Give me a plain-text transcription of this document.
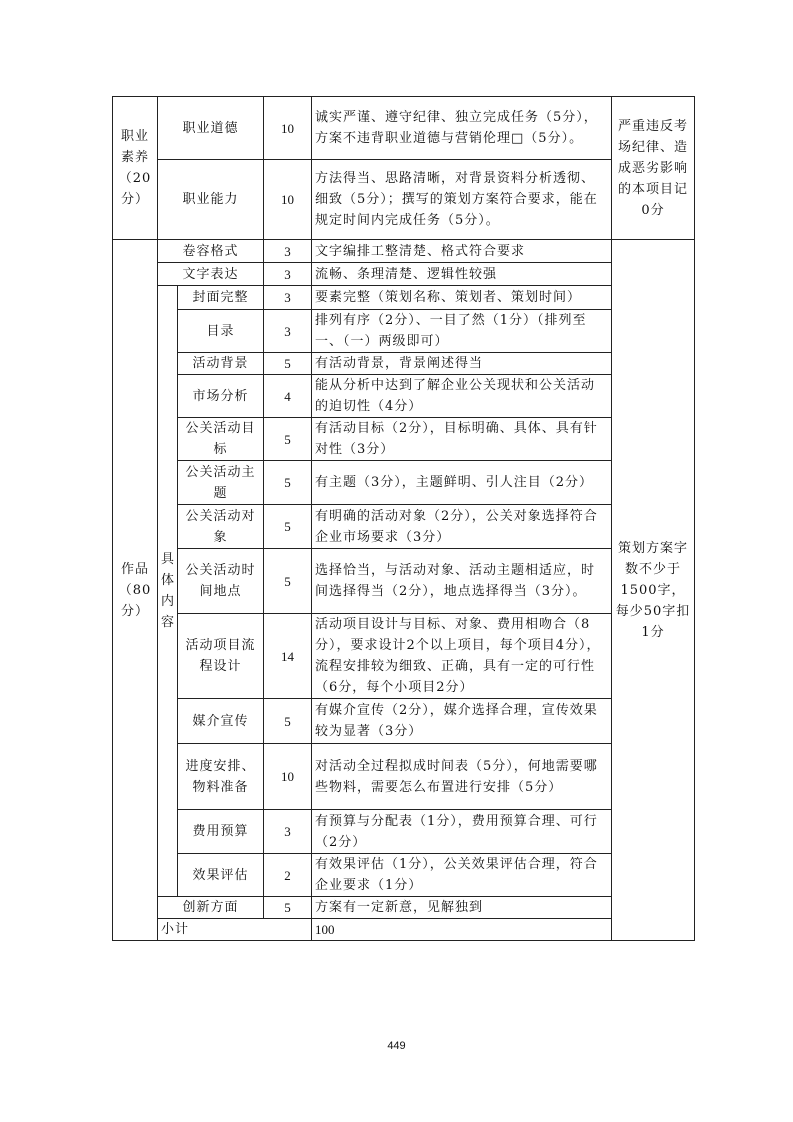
职业素养（20分）	职业道德		10	诚实严谨、遵守纪律、独立完成任务（5分），方案不违背职业道德与营销伦理□（5分）。	严重违反考场纪律、造成恶劣影响的本项目记0分	
	职业能力		10	方法得当、思路清晰，对背景资料分析透彻、细致（5分）；撰写的策划方案符合要求，能在规定时间内完成任务（5分）。		
作品（80分）	卷容格式		3	文字编排工整清楚、格式符合要求	策划方案字数不少于1500字，每少50字扣1分	
	文字表达		3	流畅、条理清楚、逻辑性较强		
	具体内容	封面完整	3	要素完整（策划名称、策划者、策划时间）		
		目录	3	排列有序（2分）、一目了然（1分）（排列至一、（一）两级即可）		
		活动背景	5	有活动背景，背景阐述得当		
		市场分析	4	能从分析中达到了解企业公关现状和公关活动的迫切性（4分）		
		公关活动目标	5	有活动目标（2分），目标明确、具体、具有针对性（3分）		
		公关活动主题	5	有主题（3分），主题鲜明、引人注目（2分）		
		公关活动对象	5	有明确的活动对象（2分），公关对象选择符合企业市场要求（3分）		
		公关活动时间地点	5	选择恰当，与活动对象、活动主题相适应，时间选择得当（2分），地点选择得当（3分）。		
		活动项目流程设计	14	活动项目设计与目标、对象、费用相吻合（8分），要求设计2个以上项目，每个项目4分），流程安排较为细致、正确，具有一定的可行性（6分，每个小项目2分）		
		媒介宣传	5	有媒介宣传（2分），媒介选择合理，宣传效果较为显著（3分）		
		进度安排、物料准备	10	对活动全过程拟成时间表（5分），何地需要哪些物料，需要怎么布置进行安排（5分）		
		费用预算	3	有预算与分配表（1分），费用预算合理、可行（2分）		
		效果评估	2	有效果评估（1分），公关效果评估合理，符合企业要求（1分）		
	创新方面		5	方案有一定新意，见解独到		
	小计			100		
449
